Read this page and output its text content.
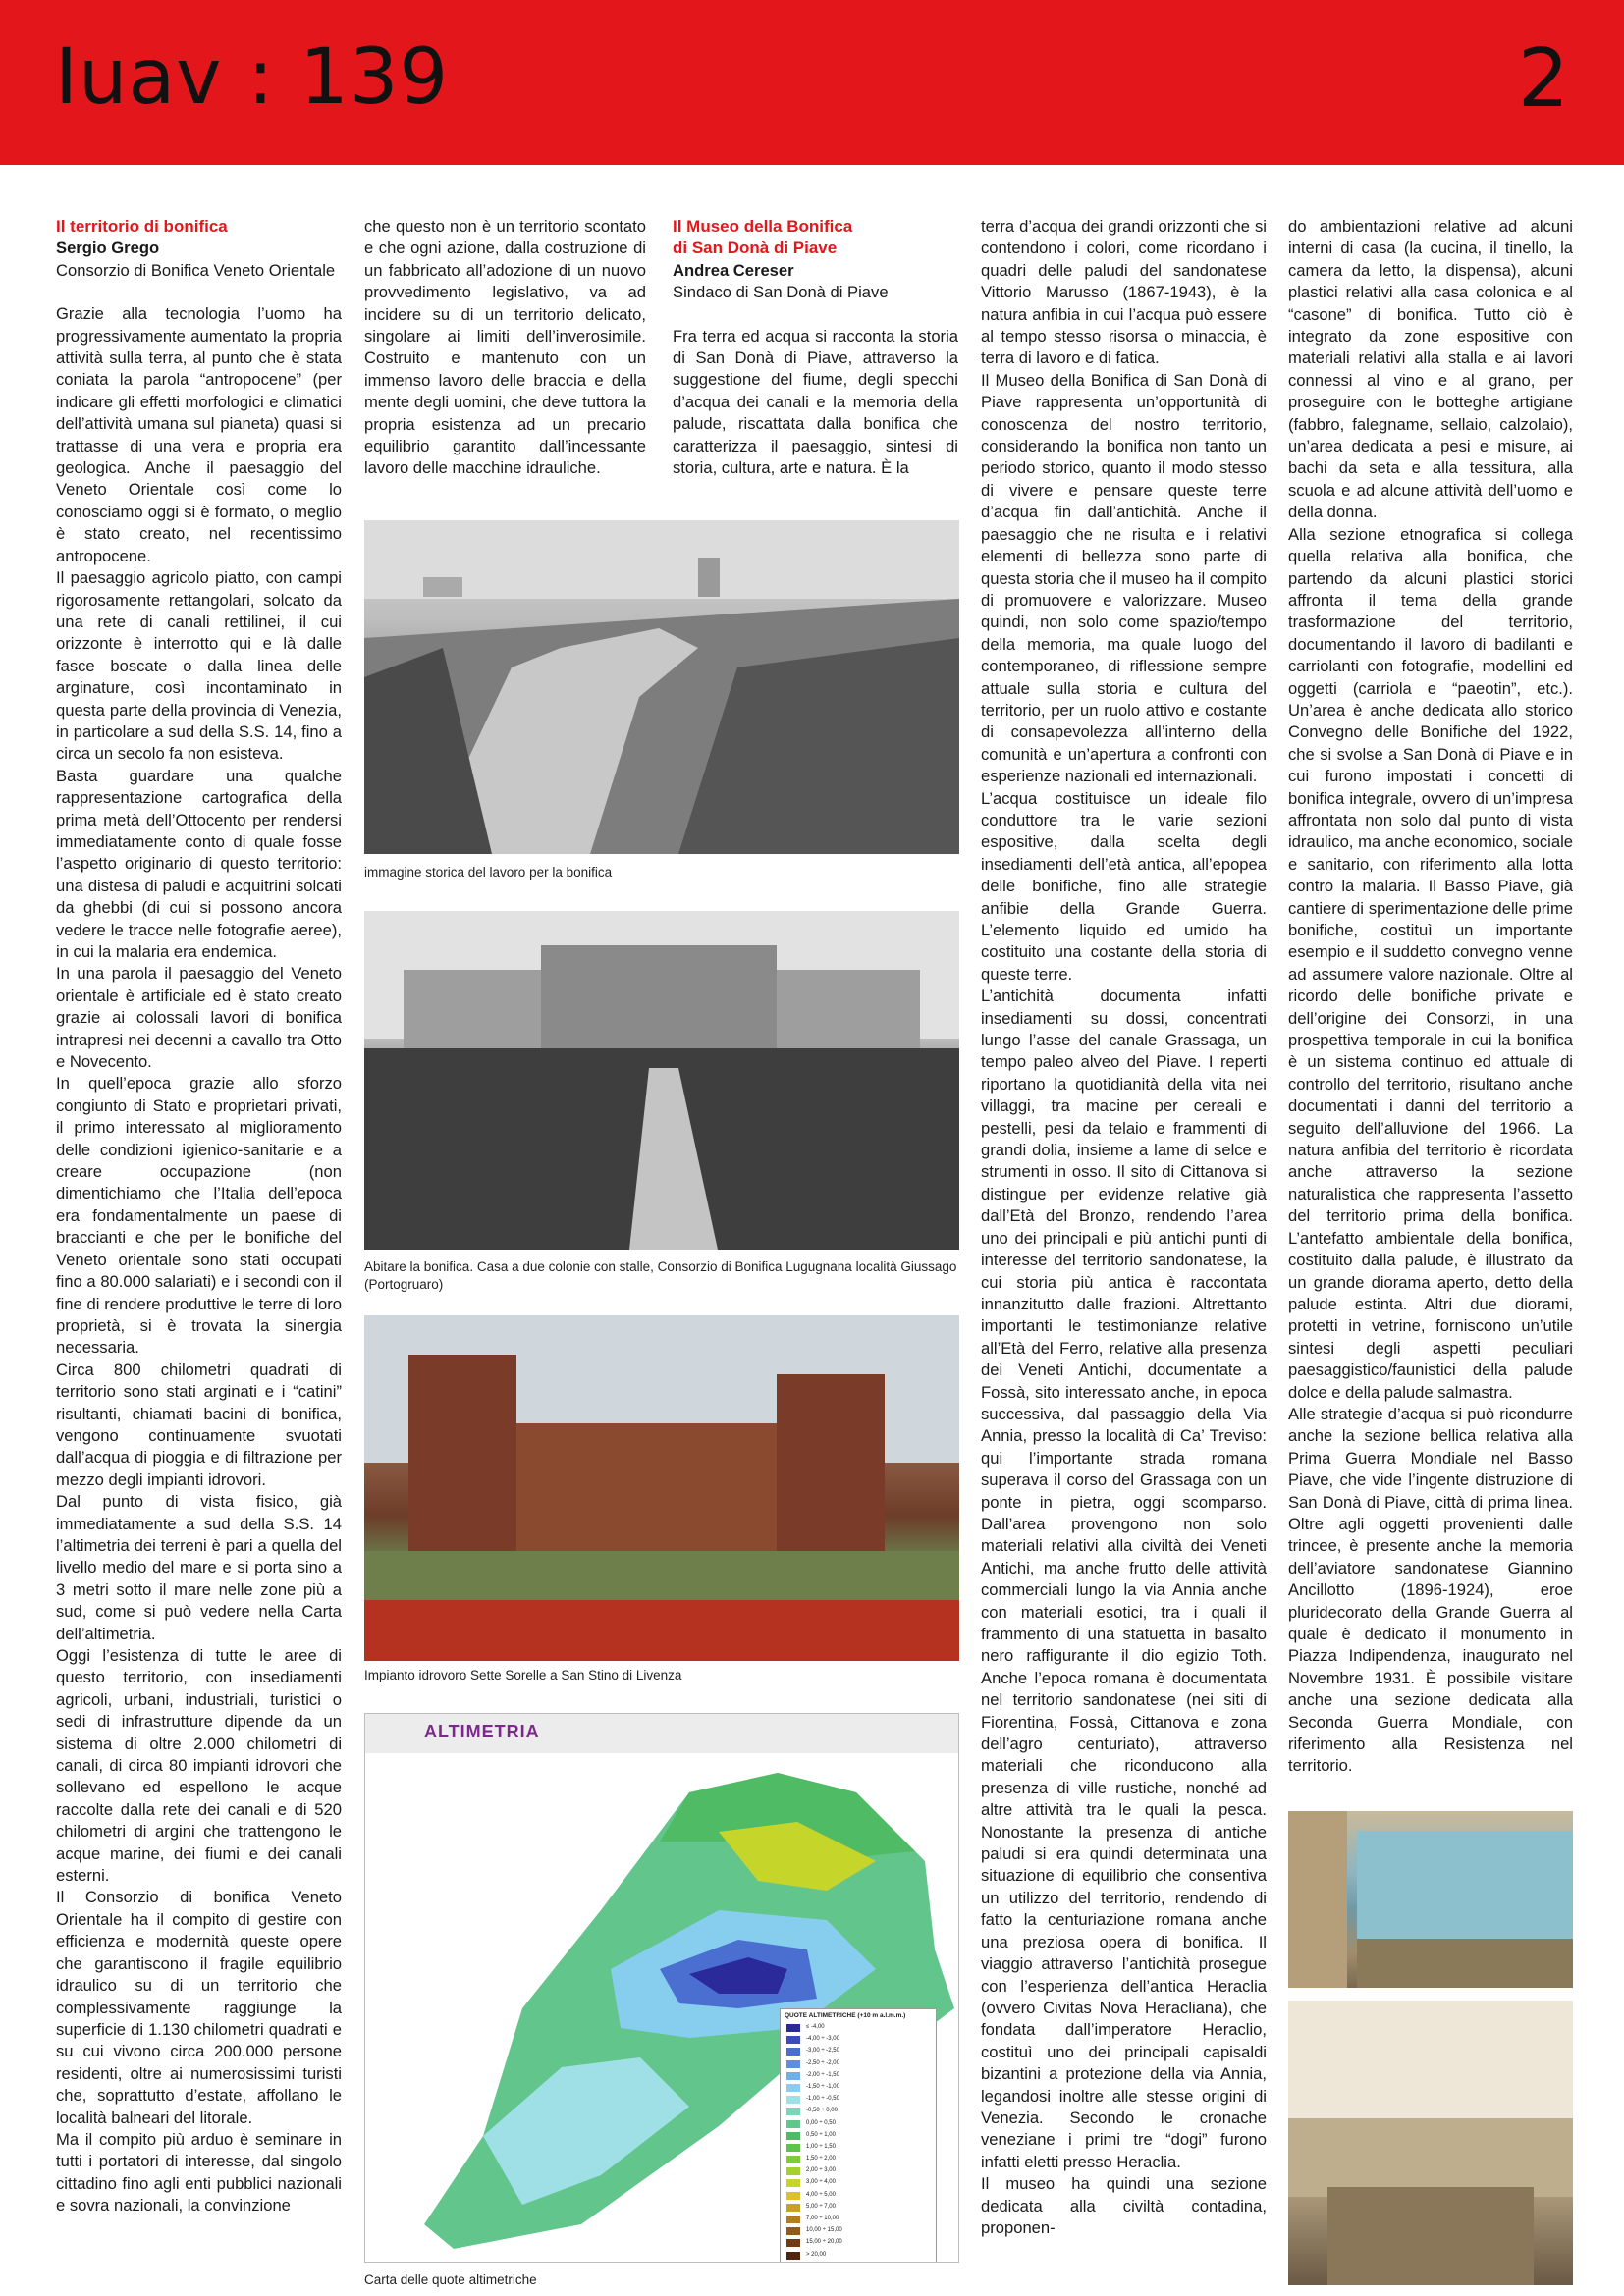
Iuav : 139	2

Il territorio di bonifica

Sergio Grego

Consorzio di Bonifica Veneto Orientale

Grazie alla tecnologia l’uomo ha progressivamente aumentato la propria attività sulla terra, al punto che è stata coniata la parola “antropocene” (per indicare gli effetti morfologici e climatici dell’attività umana sul pianeta) quasi si trattasse di una vera e propria era geologica. Anche il paesaggio del Veneto Orientale così come lo conosciamo oggi si è formato, o meglio è stato creato, nel recentissimo antropocene.

Il paesaggio agricolo piatto, con campi rigorosamente rettangolari, solcato da una rete di canali rettilinei, il cui orizzonte è interrotto qui e là dalle fasce boscate o dalla linea delle arginature, così incontaminato in questa parte della provincia di Venezia, in particolare a sud della S.S. 14, fino a circa un secolo fa non esisteva.

Basta guardare una qualche rappresentazione cartografica della prima metà dell’Ottocento per rendersi immediatamente conto di quale fosse l’aspetto originario di questo territorio: una distesa di paludi e acquitrini solcati da ghebbi (di cui si possono ancora vedere le tracce nelle fotografie aeree), in cui la malaria era endemica.

In una parola il paesaggio del Veneto orientale è artificiale ed è stato creato grazie ai colossali lavori di bonifica intrapresi nei decenni a cavallo tra Otto e Novecento.

In quell’epoca grazie allo sforzo congiunto di Stato e proprietari privati, il primo interessato al miglioramento delle condizioni igienico-sanitarie e a creare occupazione (non dimentichiamo che l’Italia dell’epoca era fondamentalmente un paese di braccianti e che per le bonifiche del Veneto orientale sono stati occupati fino a 80.000 salariati) e i secondi con il fine di rendere produttive le terre di loro proprietà, si è trovata la sinergia necessaria.

Circa 800 chilometri quadrati di territorio sono stati arginati e i “catini” risultanti, chiamati bacini di bonifica, vengono continuamente svuotati dall’acqua di pioggia e di filtrazione per mezzo degli impianti idrovori.

Dal punto di vista fisico, già immediatamente a sud della S.S. 14 l’altimetria dei terreni è pari a quella del livello medio del mare e si porta sino a 3 metri sotto il mare nelle zone più a sud, come si può vedere nella Carta dell’altimetria.

Oggi l’esistenza di tutte le aree di questo territorio, con insediamenti agricoli, urbani, industriali, turistici o sedi di infrastrutture dipende da un sistema di oltre 2.000 chilometri di canali, di circa 80 impianti idrovori che sollevano ed espellono le acque raccolte dalla rete dei canali e di 520 chilometri di argini che trattengono le acque marine, dei fiumi e dei canali esterni.

Il Consorzio di bonifica Veneto Orientale ha il compito di gestire con efficienza e modernità queste opere che garantiscono il fragile equilibrio idraulico su di un territorio che complessivamente raggiunge la superficie di 1.130 chilometri quadrati e su cui vivono circa 200.000 persone residenti, oltre ai numerosissimi turisti che, soprattutto d’estate, affollano le località balneari del litorale.

Ma il compito più arduo è seminare in tutti i portatori di interesse, dal singolo cittadino fino agli enti pubblici nazionali e sovra nazionali, la convinzione

che questo non è un territorio scontato e che ogni azione, dalla costruzione di un fabbricato all’adozione di un nuovo provvedimento legislativo, va ad incidere su di un territorio delicato, singolare ai limiti dell’inverosimile. Costruito e mantenuto con un immenso lavoro delle braccia e della mente degli uomini, che deve tuttora la propria esistenza ad un precario equilibrio garantito dall’incessante lavoro delle macchine idrauliche.

Il Museo della Bonifica

di San Donà di Piave

Andrea Cereser

Sindaco di San Donà di Piave

Fra terra ed acqua si racconta la storia di San Donà di Piave, attraverso la suggestione del fiume, degli specchi d’acqua dei canali e la memoria della palude, riscattata dalla bonifica che caratterizza il paesaggio, sintesi di storia, cultura, arte e natura. È la

immagine storica del lavoro per la bonifica
Abitare la bonifica. Casa a due colonie con stalle, Consorzio di Bonifica Lugugnana località Giussago (Portogruaro)
Impianto idrovoro Sette Sorelle a San Stino di Livenza
ALTIMETRIA
QUOTE ALTIMETRICHE (+10 m a.l.m.m.)
≤ -4,00
-4,00 ÷ -3,00
-3,00 ÷ -2,50
-2,50 ÷ -2,00
-2,00 ÷ -1,50
-1,50 ÷ -1,00
-1,00 ÷ -0,50
-0,50 ÷ 0,00
0,00 ÷ 0,50
0,50 ÷ 1,00
1,00 ÷ 1,50
1,50 ÷ 2,00
2,00 ÷ 3,00
3,00 ÷ 4,00
4,00 ÷ 5,00
5,00 ÷ 7,00
7,00 ÷ 10,00
10,00 ÷ 15,00
15,00 ÷ 20,00
> 20,00
Carta delle quote altimetriche

terra d’acqua dei grandi orizzonti che si contendono i colori, come ricordano i quadri delle paludi del sandonatese Vittorio Marusso (1867-1943), è la natura anfibia in cui l’acqua può essere al tempo stesso risorsa o minaccia, è terra di lavoro e di fatica.

Il Museo della Bonifica di San Donà di Piave rappresenta un’opportunità di conoscenza del nostro territorio, considerando la bonifica non tanto un periodo storico, quanto il modo stesso di vivere e pensare queste terre d’acqua fin dall’antichità. Anche il paesaggio che ne risulta e i relativi elementi di bellezza sono parte di questa storia che il museo ha il compito di promuovere e valorizzare. Museo quindi, non solo come spazio/tempo della memoria, ma quale luogo del contemporaneo, di riflessione sempre attuale sulla storia e cultura del territorio, per un ruolo attivo e costante di consapevolezza all’interno della comunità e un’apertura a confronti con esperienze nazionali ed internazionali.

L’acqua costituisce un ideale filo conduttore tra le varie sezioni espositive, dalla scelta degli insediamenti dell’età antica, all’epopea delle bonifiche, fino alle strategie anfibie della Grande Guerra. L’elemento liquido ed umido ha costituito una costante della storia di queste terre.

L’antichità documenta infatti insediamenti su dossi, concentrati lungo l’asse del canale Grassaga, un tempo paleo alveo del Piave. I reperti riportano la quotidianità della vita nei villaggi, tra macine per cereali e pestelli, pesi da telaio e frammenti di grandi dolia, insieme a lame di selce e strumenti in osso. Il sito di Cittanova si distingue per evidenze relative già dall’Età del Bronzo, rendendo l’area uno dei principali e più antichi punti di interesse del territorio sandonatese, la cui storia più antica è raccontata innanzitutto dalle frazioni. Altrettanto importanti le testimonianze relative all’Età del Ferro, relative alla presenza dei Veneti Antichi, documentate a Fossà, sito interessato anche, in epoca successiva, dal passaggio della Via Annia, presso la località di Ca’ Treviso: qui l’importante strada romana superava il corso del Grassaga con un ponte in pietra, oggi scomparso. Dall’area provengono non solo materiali relativi alla civiltà dei Veneti Antichi, ma anche frutto delle attività commerciali lungo la via Annia anche con materiali esotici, tra i quali il frammento di una statuetta in basalto nero raffigurante il dio egizio Toth. Anche l’epoca romana è documentata nel territorio sandonatese (nei siti di Fiorentina, Fossà, Cittanova e zona dell’agro centuriato), attraverso materiali che riconducono alla presenza di ville rustiche, nonché ad altre attività tra le quali la pesca. Nonostante la presenza di antiche paludi si era quindi determinata una situazione di equilibrio che consentiva un utilizzo del territorio, rendendo di fatto la centuriazione romana anche una preziosa opera di bonifica. Il viaggio attraverso l’antichità prosegue con l’esperienza dell’antica Heraclia (ovvero Civitas Nova Heracliana), che fondata dall’imperatore Heraclio, costituì uno dei principali capisaldi bizantini a protezione della via Annia, legandosi inoltre alle stesse origini di Venezia. Secondo le cronache veneziane i primi tre “dogi” furono infatti eletti presso Heraclia.

Il museo ha quindi una sezione dedicata alla civiltà contadina, proponen-

do ambientazioni relative ad alcuni interni di casa (la cucina, il tinello, la camera da letto, la dispensa), alcuni plastici relativi alla casa colonica e al “casone” di bonifica. Tutto ciò è integrato da zone espositive con materiali relativi alla stalla e ai lavori connessi al vino e al grano, per proseguire con le botteghe artigiane (fabbro, falegname, sellaio, calzolaio), un’area dedicata a pesi e misure, ai bachi da seta e alla tessitura, alla scuola e ad alcune attività dell’uomo e della donna.

Alla sezione etnografica si collega quella relativa alla bonifica, che partendo da alcuni plastici storici affronta il tema della grande trasformazione del territorio, documentando il lavoro di badilanti e carriolanti con fotografie, modellini ed oggetti (carriola e “paeotin”, etc.). Un’area è anche dedicata allo storico Convegno delle Bonifiche del 1922, che si svolse a San Donà di Piave e in cui furono impostati i concetti di bonifica integrale, ovvero di un’impresa affrontata non solo dal punto di vista idraulico, ma anche economico, sociale e sanitario, con riferimento alla lotta contro la malaria. Il Basso Piave, già cantiere di sperimentazione delle prime bonifiche, costituì un importante esempio e il suddetto convegno venne ad assumere valore nazionale. Oltre al ricordo delle bonifiche private e dell’origine dei Consorzi, in una prospettiva temporale in cui la bonifica è un sistema continuo ed attuale di controllo del territorio, risultano anche documentati i danni del territorio a seguito dell’alluvione del 1966. La natura anfibia del territorio è ricordata anche attraverso la sezione naturalistica che rappresenta l’assetto del territorio prima della bonifica. L’antefatto ambientale della bonifica, costituito dalla palude, è illustrato da un grande diorama aperto, detto della palude estinta. Altri due diorami, protetti in vetrine, forniscono un’utile sintesi degli aspetti peculiari paesaggistico/faunistici della palude dolce e della palude salmastra.

Alle strategie d’acqua si può ricondurre anche la sezione bellica relativa alla Prima Guerra Mondiale nel Basso Piave, che vide l’ingente distruzione di San Donà di Piave, città di prima linea. Oltre agli oggetti provenienti dalle trincee, è presente anche la memoria dell’aviatore sandonatese Giannino Ancillotto (1896-1924), eroe pluridecorato della Grande Guerra al quale è dedicato il monumento in Piazza Indipendenza, inaugurato nel Novembre 1931. È possibile visitare anche una sezione dedicata alla Seconda Guerra Mondiale, con riferimento alla Resistenza nel territorio.
